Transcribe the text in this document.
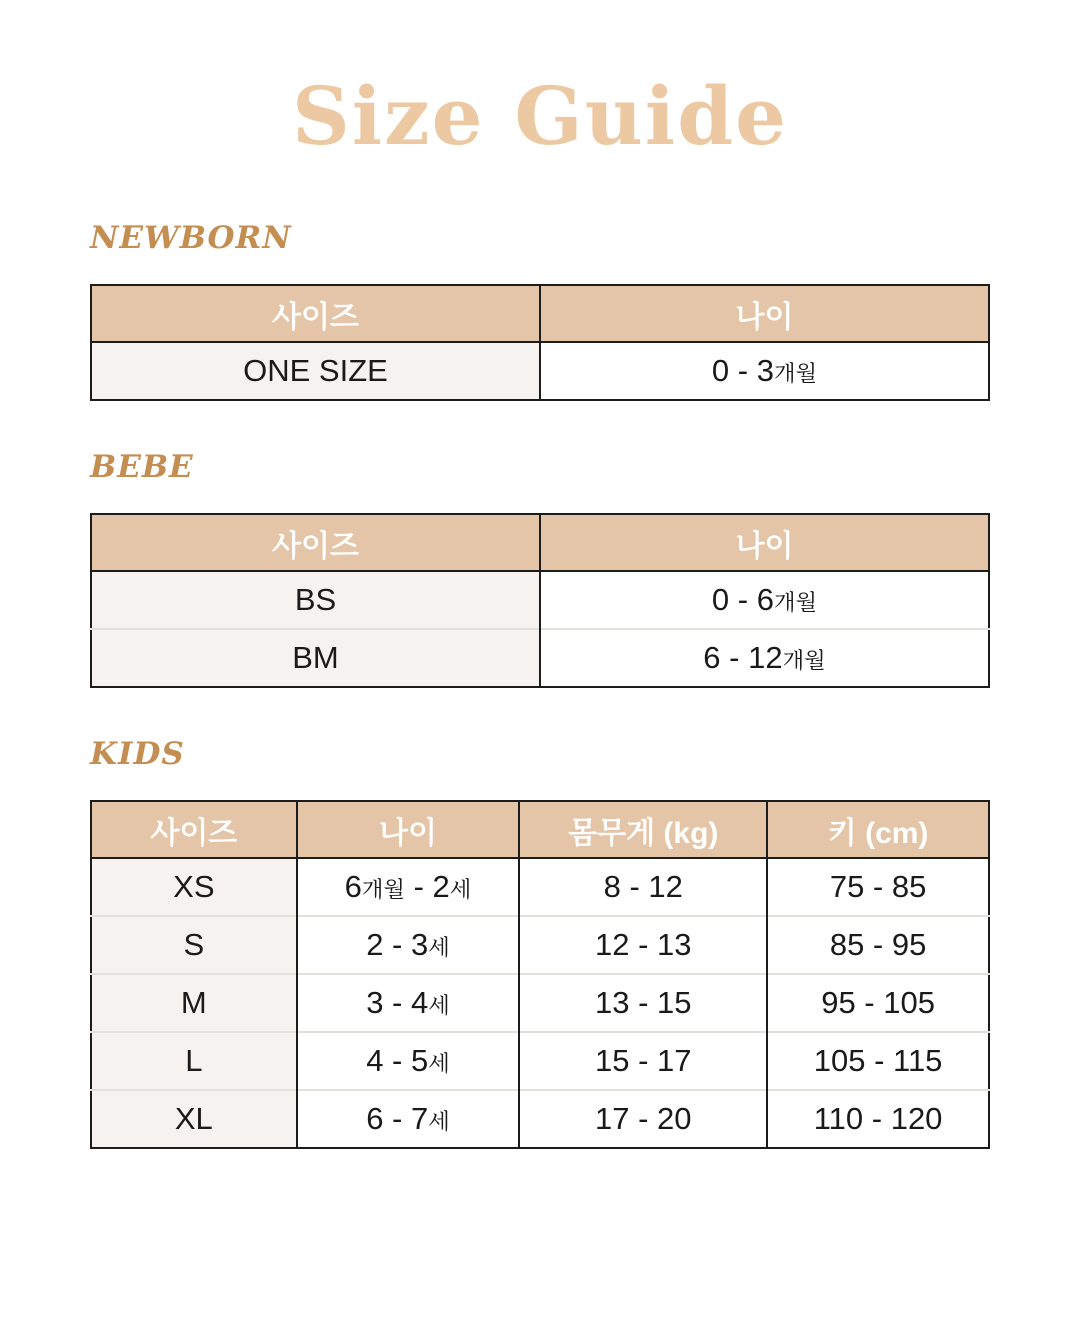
Size Guide
NEWBORN
사이즈	나이
ONE SIZE	0 - 3개월
BEBE
사이즈	나이
BS	0 - 6개월
BM	6 - 12개월
KIDS
사이즈	나이	몸무게 (kg)	키 (cm)
XS	6개월 - 2세	8 - 12	75 - 85
S	2 - 3세	12 - 13	85 - 95
M	3 - 4세	13 - 15	95 - 105
L	4 - 5세	15 - 17	105 - 115
XL	6 - 7세	17 - 20	110 - 120
